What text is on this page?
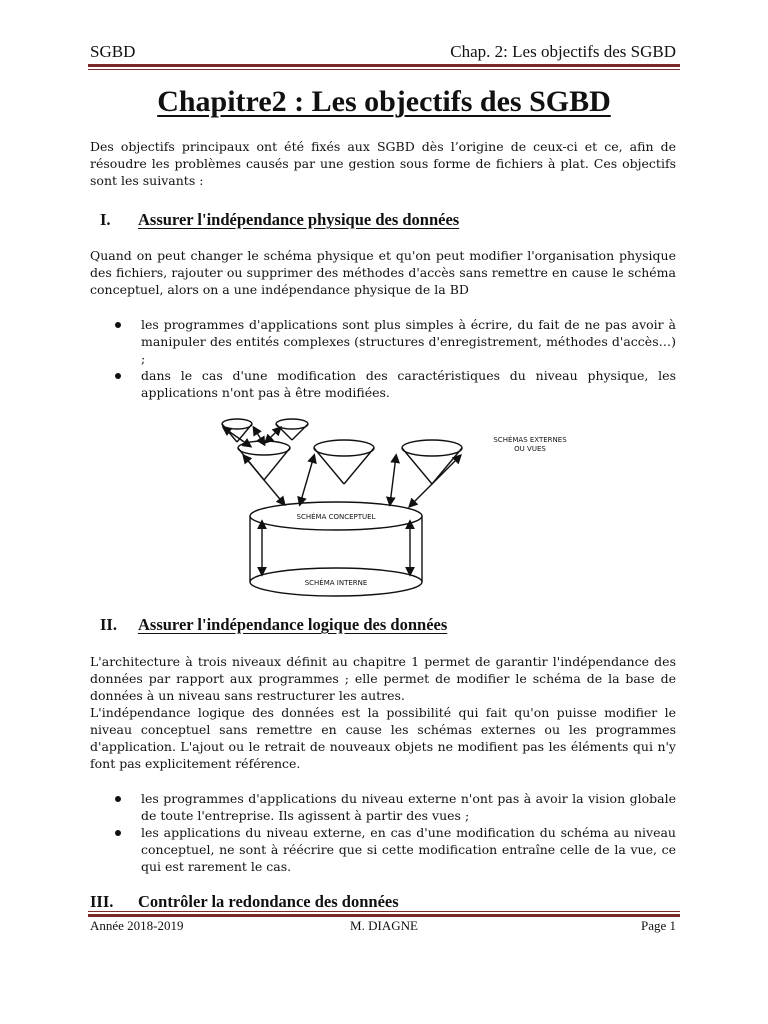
SGBD	Chap. 2: Les objectifs des SGBD
Chapitre2 : Les objectifs des SGBD
Des objectifs principaux ont été fixés aux SGBD dès l’origine de ceux-ci et ce, afin de résoudre les problèmes causés par une gestion sous forme de fichiers à plat. Ces objectifs sont les suivants :
I. Assurer l'indépendance physique des données
Quand on peut changer le schéma physique et qu'on peut modifier l'organisation physique des fichiers, rajouter ou supprimer des méthodes d'accès sans remettre en cause le schéma conceptuel, alors on a une indépendance physique de la BD
les programmes d'applications sont plus simples à écrire, du fait de ne pas avoir à manipuler des entités complexes (structures d'enregistrement, méthodes d'accès…) ;
dans le cas d'une modification des caractéristiques du niveau physique, les applications n'ont pas à être modifiées.
SCHÉMA CONCEPTUEL
SCHÉMA INTERNE
SCHÉMAS EXTERNES
OU VUES
II. Assurer l'indépendance logique des données
L'architecture à trois niveaux définit au chapitre 1 permet de garantir l'indépendance des données par rapport aux programmes ; elle permet de modifier le schéma de la base de données à un niveau sans restructurer les autres.
L'indépendance logique des données est la possibilité qui fait qu'on puisse modifier le niveau conceptuel sans remettre en cause les schémas externes ou les programmes d'application. L'ajout ou le retrait de nouveaux objets ne modifient pas les éléments qui n'y font pas explicitement référence.
les programmes d'applications du niveau externe n'ont pas à avoir la vision globale de toute l'entreprise. Ils agissent à partir des vues ;
les applications du niveau externe, en cas d'une modification du schéma au niveau conceptuel, ne sont à réécrire que si cette modification entraîne celle de la vue, ce qui est rarement le cas.
III. Contrôler la redondance des données
Année 2018-2019	M. DIAGNE	Page 1
